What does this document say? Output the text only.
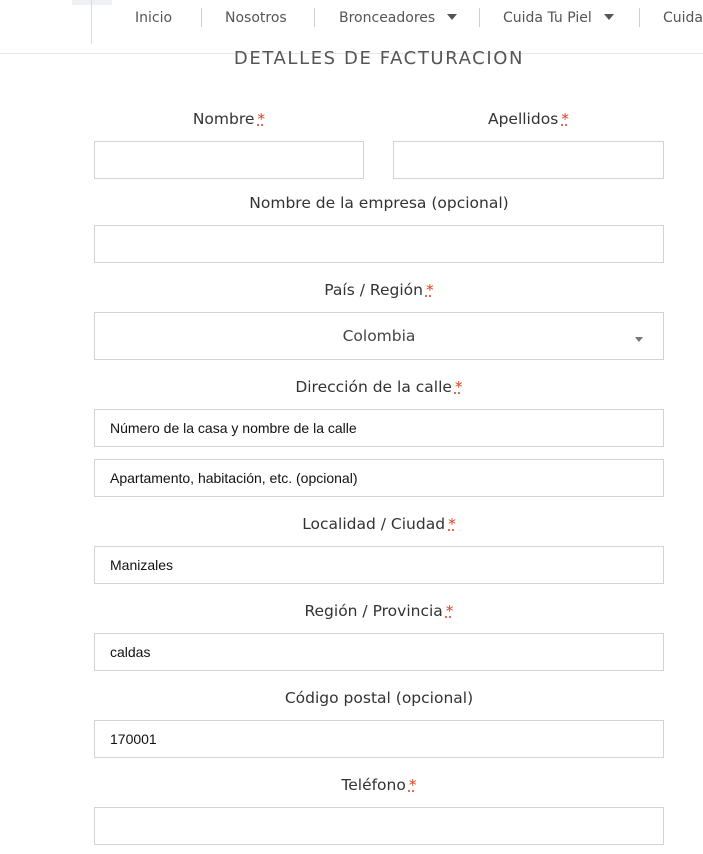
Inicio	Nosotros	Bronceadores	Cuida Tu Piel	Cuida
DETALLES DE FACTURACION
Nombre *	Apellidos *
Nombre de la empresa (opcional)
País / Región *
Colombia
Dirección de la calle *
Número de la casa y nombre de la calle
Apartamento, habitación, etc. (opcional)
Localidad / Ciudad *
Manizales
Región / Provincia *
caldas
Código postal (opcional)
170001
Teléfono *
